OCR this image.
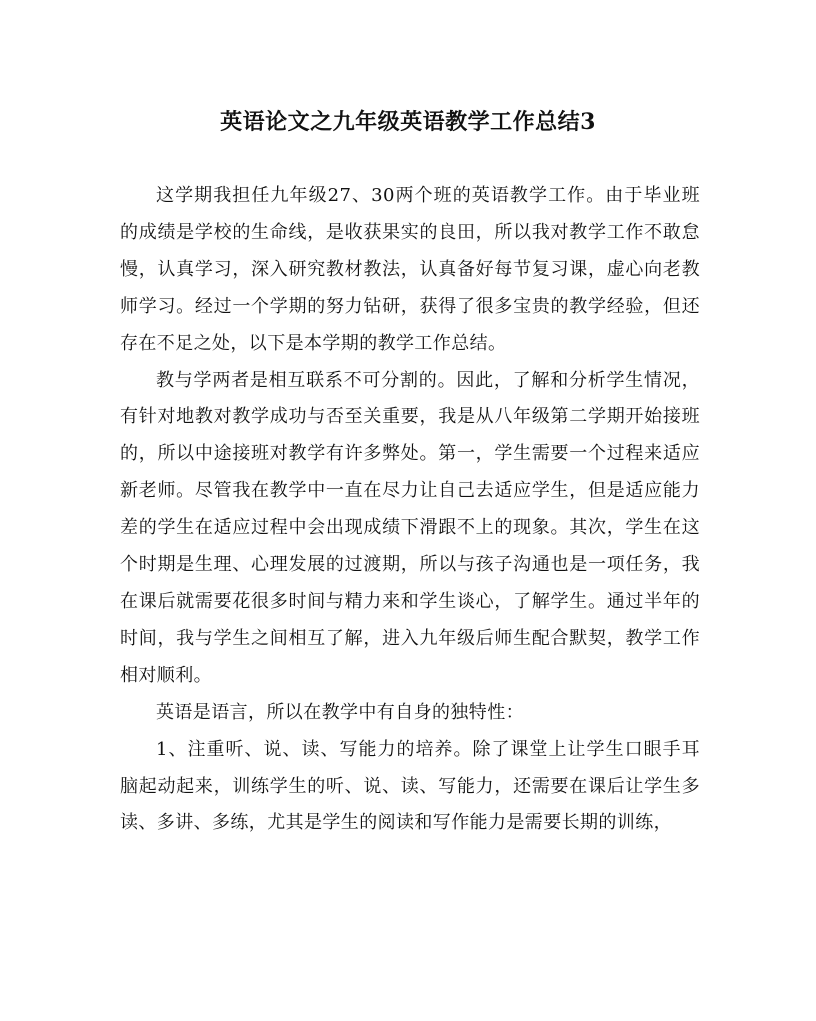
英语论文之九年级英语教学工作总结3

这学期我担任九年级27、30两个班的英语教学工作。由于毕业班的成绩是学校的生命线，是收获果实的良田，所以我对教学工作不敢怠慢，认真学习，深入研究教材教法，认真备好每节复习课，虚心向老教师学习。经过一个学期的努力钻研，获得了很多宝贵的教学经验，但还存在不足之处，以下是本学期的教学工作总结。

教与学两者是相互联系不可分割的。因此，了解和分析学生情况，有针对地教对教学成功与否至关重要，我是从八年级第二学期开始接班的，所以中途接班对教学有许多弊处。第一，学生需要一个过程来适应新老师。尽管我在教学中一直在尽力让自己去适应学生，但是适应能力差的学生在适应过程中会出现成绩下滑跟不上的现象。其次，学生在这个时期是生理、心理发展的过渡期，所以与孩子沟通也是一项任务，我在课后就需要花很多时间与精力来和学生谈心，了解学生。通过半年的时间，我与学生之间相互了解，进入九年级后师生配合默契，教学工作相对顺利。

英语是语言，所以在教学中有自身的独特性：

1、注重听、说、读、写能力的培养。除了课堂上让学生口眼手耳脑起动起来，训练学生的听、说、读、写能力，还需要在课后让学生多读、多讲、多练，尤其是学生的阅读和写作能力是需要长期的训练，
